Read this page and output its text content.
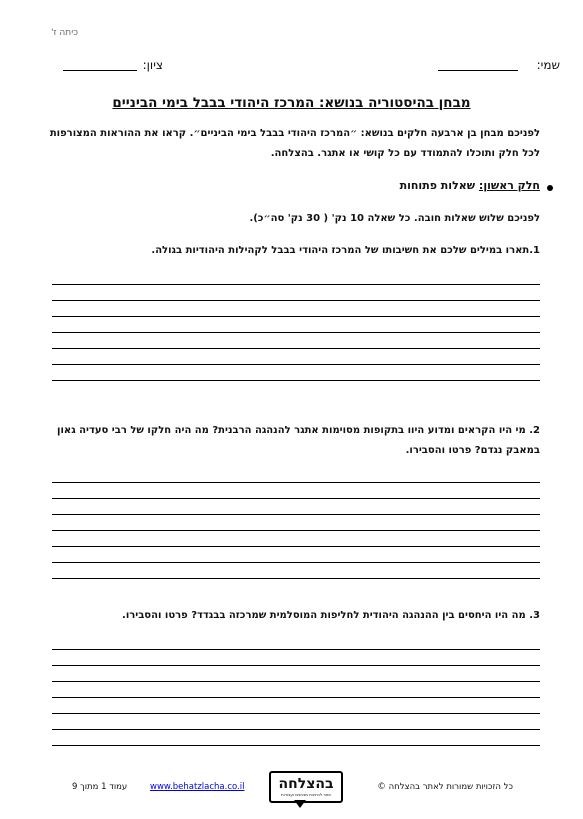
כיתה ז'
שמי:
ציון:
מבחן בהיסטוריה בנושא: המרכז היהודי בבבל בימי הביניים
לפניכם מבחן בן ארבעה חלקים בנושא: ״המרכז היהודי בבבל בימי הביניים״. קראו את ההוראות המצורפות לכל חלק ותוכלו להתמודד עם כל קושי או אתגר. בהצלחה.
חלק ראשון: שאלות פתוחות
לפניכם שלוש שאלות חובה. כל שאלה 10 נק' ( 30 נק' סה״כ).
1.תארו במילים שלכם את חשיבותו של המרכז היהודי בבבל לקהילות היהודיות בגולה.
2. מי היו הקראים ומדוע היוו בתקופות מסוימות אתגר להנהגה הרבנית? מה היה חלקו של רבי סעדיה גאון במאבק נגדם? פרטו והסבירו.
3. מה היו היחסים בין ההנהגה היהודית לחליפות המוסלמית שמרכזה בבגדד? פרטו והסבירו.
עמוד 1 מתוך 9	www.behatzlacha.co.il בהצלחה
אתר לכתיבת מבחנים ועבודות
כל הזכויות שמורות לאתר בהצלחה ©
